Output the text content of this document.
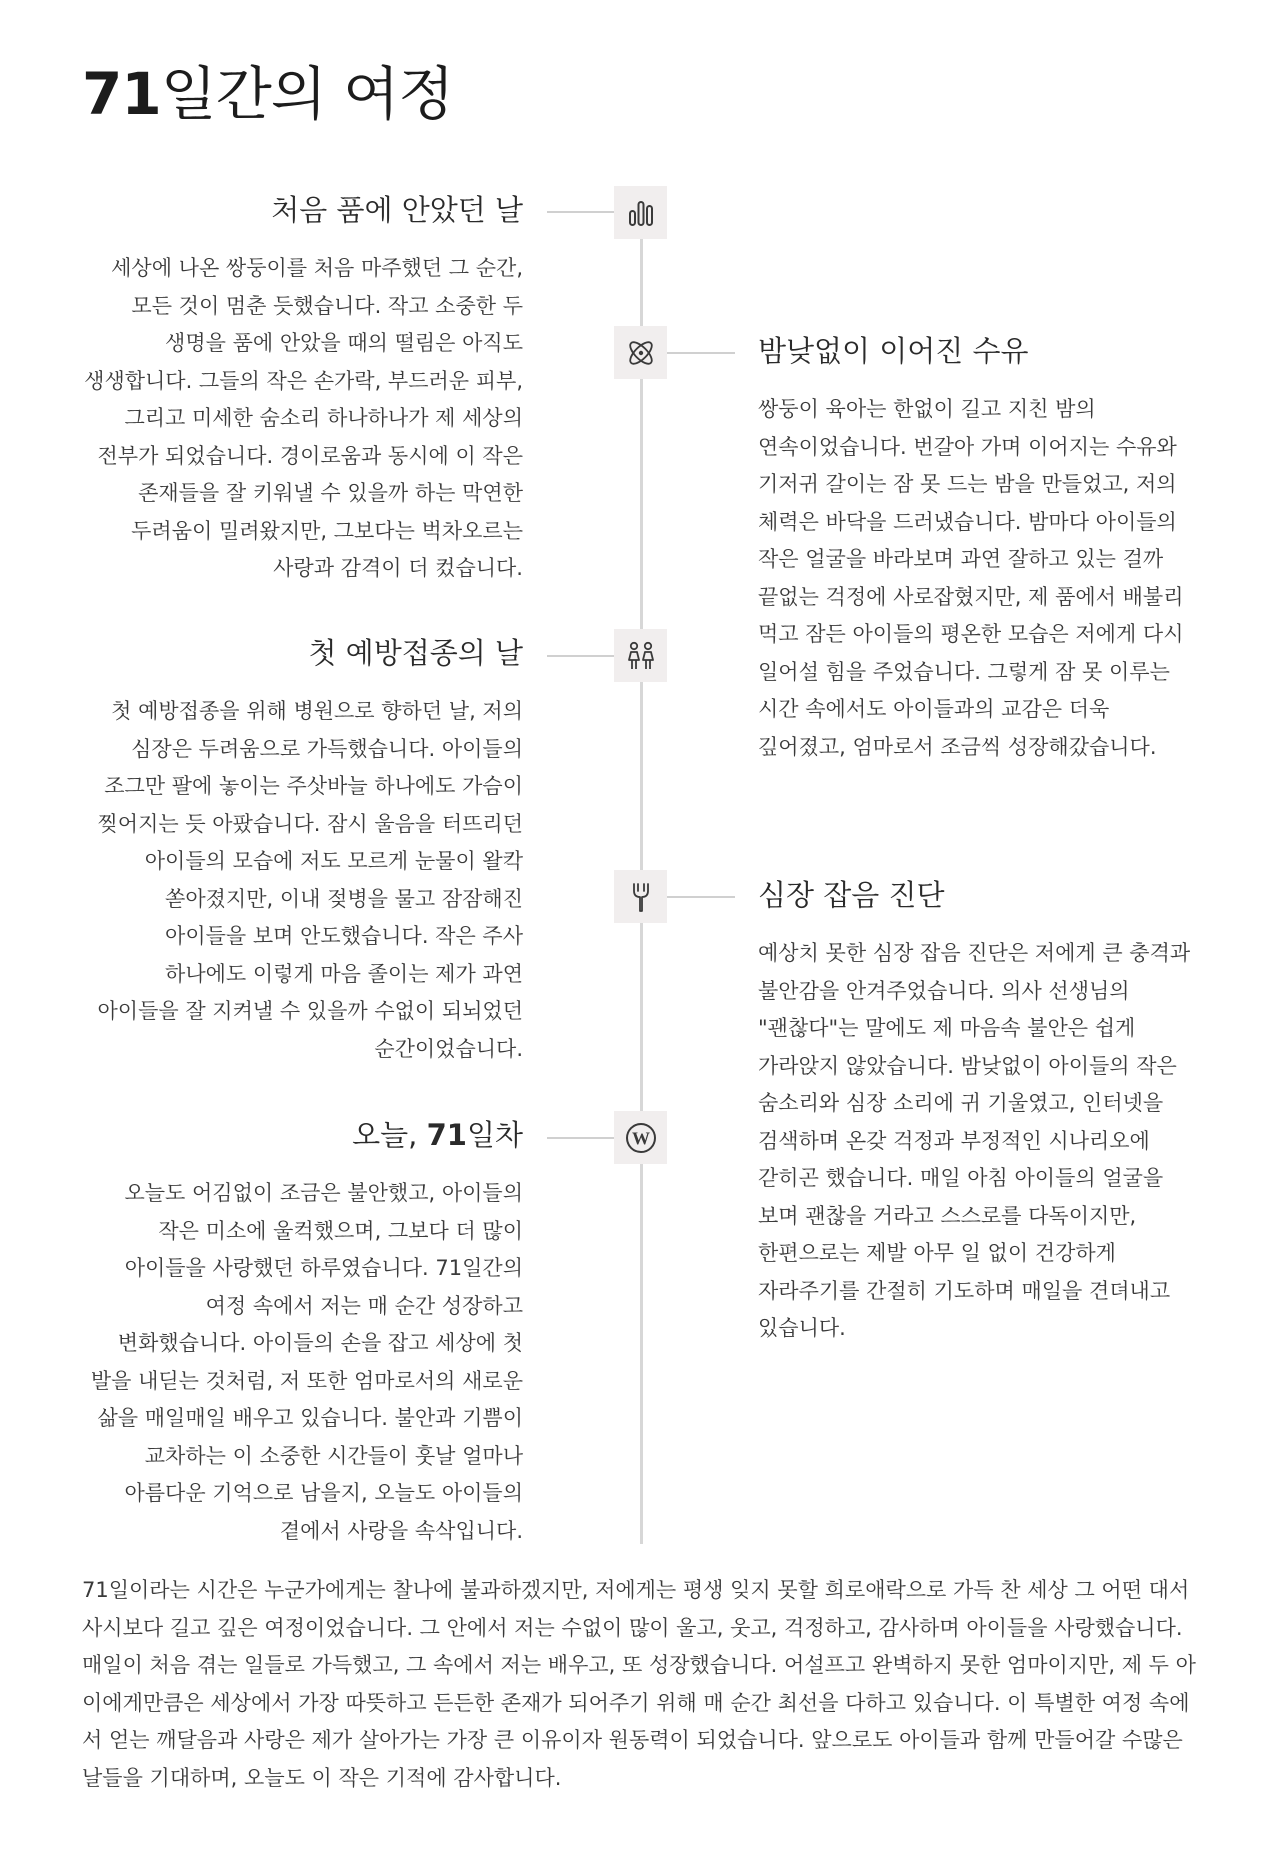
71일간의 여정
처음 품에 안았던 날

세상에 나온 쌍둥이를 처음 마주했던 그 순간, 모든 것이 멈춘 듯했습니다. 작고 소중한 두 생명을 품에 안았을 때의 떨림은 아직도 생생합니다. 그들의 작은 손가락, 부드러운 피부, 그리고 미세한 숨소리 하나하나가 제 세상의 전부가 되었습니다. 경이로움과 동시에 이 작은 존재들을 잘 키워낼 수 있을까 하는 막연한 두려움이 밀려왔지만, 그보다는 벅차오르는 사랑과 감격이 더 컸습니다.

밤낮없이 이어진 수유

쌍둥이 육아는 한없이 길고 지친 밤의 연속이었습니다. 번갈아 가며 이어지는 수유와 기저귀 갈이는 잠 못 드는 밤을 만들었고, 저의 체력은 바닥을 드러냈습니다. 밤마다 아이들의 작은 얼굴을 바라보며 과연 잘하고 있는 걸까 끝없는 걱정에 사로잡혔지만, 제 품에서 배불리 먹고 잠든 아이들의 평온한 모습은 저에게 다시 일어설 힘을 주었습니다. 그렇게 잠 못 이루는 시간 속에서도 아이들과의 교감은 더욱 깊어졌고, 엄마로서 조금씩 성장해갔습니다.

첫 예방접종의 날

첫 예방접종을 위해 병원으로 향하던 날, 저의 심장은 두려움으로 가득했습니다. 아이들의 조그만 팔에 놓이는 주삿바늘 하나에도 가슴이 찢어지는 듯 아팠습니다. 잠시 울음을 터뜨리던 아이들의 모습에 저도 모르게 눈물이 왈칵 쏟아졌지만, 이내 젖병을 물고 잠잠해진 아이들을 보며 안도했습니다. 작은 주사 하나에도 이렇게 마음 졸이는 제가 과연 아이들을 잘 지켜낼 수 있을까 수없이 되뇌었던 순간이었습니다.

심장 잡음 진단

예상치 못한 심장 잡음 진단은 저에게 큰 충격과 불안감을 안겨주었습니다. 의사 선생님의 "괜찮다"는 말에도 제 마음속 불안은 쉽게 가라앉지 않았습니다. 밤낮없이 아이들의 작은 숨소리와 심장 소리에 귀 기울였고, 인터넷을 검색하며 온갖 걱정과 부정적인 시나리오에 갇히곤 했습니다. 매일 아침 아이들의 얼굴을 보며 괜찮을 거라고 스스로를 다독이지만, 한편으로는 제발 아무 일 없이 건강하게 자라주기를 간절히 기도하며 매일을 견뎌내고 있습니다.

W
오늘, 71일차

오늘도 어김없이 조금은 불안했고, 아이들의 작은 미소에 울컥했으며, 그보다 더 많이 아이들을 사랑했던 하루였습니다. 71일간의 여정 속에서 저는 매 순간 성장하고 변화했습니다. 아이들의 손을 잡고 세상에 첫 발을 내딛는 것처럼, 저 또한 엄마로서의 새로운 삶을 매일매일 배우고 있습니다. 불안과 기쁨이 교차하는 이 소중한 시간들이 훗날 얼마나 아름다운 기억으로 남을지, 오늘도 아이들의 곁에서 사랑을 속삭입니다.

71일이라는 시간은 누군가에게는 찰나에 불과하겠지만, 저에게는 평생 잊지 못할 희로애락으로 가득 찬 세상 그 어떤 대서사시보다 길고 깊은 여정이었습니다. 그 안에서 저는 수없이 많이 울고, 웃고, 걱정하고, 감사하며 아이들을 사랑했습니다. 매일이 처음 겪는 일들로 가득했고, 그 속에서 저는 배우고, 또 성장했습니다. 어설프고 완벽하지 못한 엄마이지만, 제 두 아이에게만큼은 세상에서 가장 따뜻하고 든든한 존재가 되어주기 위해 매 순간 최선을 다하고 있습니다. 이 특별한 여정 속에서 얻는 깨달음과 사랑은 제가 살아가는 가장 큰 이유이자 원동력이 되었습니다. 앞으로도 아이들과 함께 만들어갈 수많은 날들을 기대하며, 오늘도 이 작은 기적에 감사합니다.
